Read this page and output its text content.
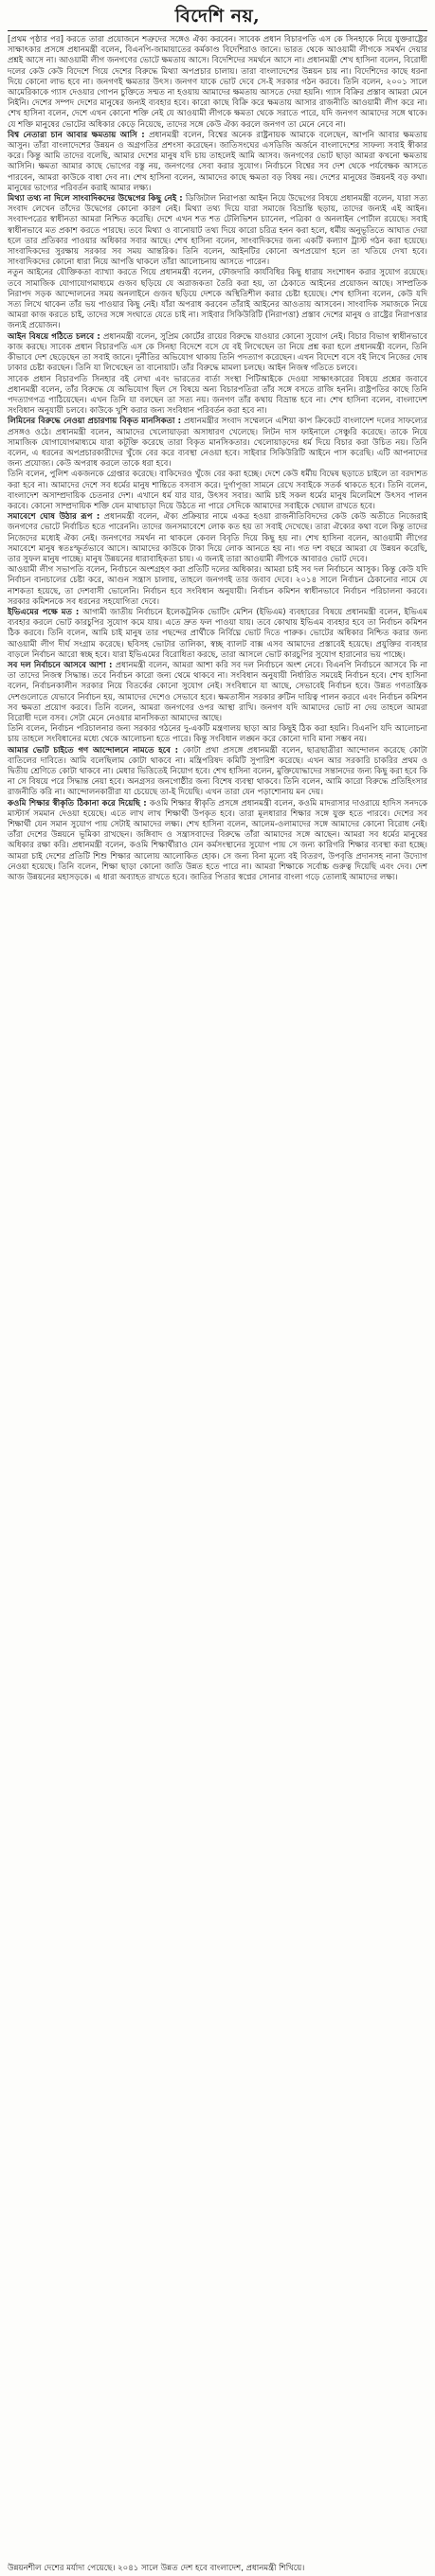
বিদেশি নয়,

[প্রথম পৃষ্ঠার পর] করতে তারা প্রয়োজনে শত্রুদের সঙ্গেও ঐক্য করবেন। সাবেক প্রধান বিচারপতি এস কে সিনহাকে নিয়ে যুক্তরাষ্ট্রের সাক্ষাৎকার প্রসঙ্গে প্রধানমন্ত্রী বলেন, বিএনপি-জামায়াতের কর্মকাণ্ড বিদেশিরাও জানে। ভারত থেকে আওয়ামী লীগকে সমর্থন দেয়ার প্রশ্নই আসে না। আওয়ামী লীগ জনগণের ভোটে ক্ষমতায় আসে। বিদেশিদের সমর্থনে আসে না। প্রধানমন্ত্রী শেখ হাসিনা বলেন, বিরোধী দলের কেউ কেউ বিদেশে গিয়ে দেশের বিরুদ্ধে মিথ্যা অপপ্রচার চালায়। তারা বাংলাদেশের উন্নয়ন চায় না। বিদেশিদের কাছে ধরনা দিয়ে কোনো লাভ হবে না। জনগণই ক্ষমতার উৎস। জনগণ যাকে ভোট দেবে সে-ই সরকার গঠন করবে। তিনি বলেন, ২০০১ সালে আমেরিকাকে গ্যাস দেওয়ার গোপন চুক্তিতে সম্মত না হওয়ায় আমাদের ক্ষমতায় আসতে দেয়া হয়নি। গ্যাস বিক্রির প্রস্তাব আমরা মেনে নিইনি। দেশের সম্পদ দেশের মানুষের জন্যই ব্যবহার হবে। কারো কাছে বিক্রি করে ক্ষমতায় আসার রাজনীতি আওয়ামী লীগ করে না। শেখ হাসিনা বলেন, দেশে এখন কোনো শক্তি নেই যে আওয়ামী লীগকে ক্ষমতা থেকে সরাতে পারে, যদি জনগণ আমাদের সঙ্গে থাকে। যে শক্তি মানুষের ভোটের অধিকার কেড়ে নিয়েছে, তাদের সঙ্গে কেউ ঐক্য করলে জনগণ তা মেনে নেবে না।

বিশ্ব নেতারা চান আবার ক্ষমতায় আসি : প্রধানমন্ত্রী বলেন, বিশ্বের অনেক রাষ্ট্রনায়ক আমাকে বলেছেন, আপনি আবার ক্ষমতায় আসুন। তাঁরা বাংলাদেশের উন্নয়ন ও অগ্রগতির প্রশংসা করেছেন। জাতিসংঘের এসডিজি অর্জনে বাংলাদেশের সাফল্য সবাই স্বীকার করে। কিন্তু আমি তাদের বলেছি, আমার দেশের মানুষ যদি চায় তাহলেই আমি আসব। জনগণের ভোট ছাড়া আমরা কখনো ক্ষমতায় আসিনি। ক্ষমতা আমার কাছে ভোগের বস্তু নয়, জনগণের সেবা করার সুযোগ। নির্বাচনে বিশ্বের সব দেশ থেকে পর্যবেক্ষক আসতে পারবেন, আমরা কাউকে বাধা দেব না। শেখ হাসিনা বলেন, আমাদের কাছে ক্ষমতা বড় বিষয় নয়। দেশের মানুষের উন্নয়নই বড় কথা। মানুষের ভাগ্যের পরিবর্তন করাই আমার লক্ষ্য।

মিথ্যা তথ্য না দিলে সাংবাদিকদের উদ্বেগের কিছু নেই : ডিজিটাল নিরাপত্তা আইন নিয়ে উদ্বেগের বিষয়ে প্রধানমন্ত্রী বলেন, যারা সত্য সংবাদ লেখেন তাঁদের উদ্বেগের কোনো কারণ নেই। মিথ্যা তথ্য দিয়ে যারা সমাজে বিভ্রান্তি ছড়ায়, তাদের জন্যই এই আইন। সংবাদপত্রের স্বাধীনতা আমরা নিশ্চিত করেছি। দেশে এখন শত শত টেলিভিশন চ্যানেল, পত্রিকা ও অনলাইন পোর্টাল রয়েছে। সবাই স্বাধীনভাবে মত প্রকাশ করতে পারছে। তবে মিথ্যা ও বানোয়াট তথ্য দিয়ে কারো চরিত্র হনন করা হলে, ধর্মীয় অনুভূতিতে আঘাত দেয়া হলে তার প্রতিকার পাওয়ার অধিকার সবার আছে। শেখ হাসিনা বলেন, সাংবাদিকদের জন্য একটি কল্যাণ ট্রাস্ট গঠন করা হয়েছে। সাংবাদিকদের সুরক্ষায় সরকার সব সময় আন্তরিক। তিনি বলেন, আইনটির কোনো অপপ্রয়োগ হলে তা খতিয়ে দেখা হবে। সাংবাদিকদের কোনো ধারা নিয়ে আপত্তি থাকলে তাঁরা আলোচনায় আসতে পারেন।

নতুন আইনের যৌক্তিকতা ব্যাখ্যা করতে গিয়ে প্রধানমন্ত্রী বলেন, ফৌজদারি কার্যবিধির কিছু ধারায় সংশোধন করার সুযোগ রয়েছে। তবে সামাজিক যোগাযোগমাধ্যমে গুজব ছড়িয়ে যে অরাজকতা তৈরি করা হয়, তা ঠেকাতে আইনের প্রয়োজন আছে। সাম্প্রতিক নিরাপদ সড়ক আন্দোলনের সময় অনলাইনে গুজব ছড়িয়ে দেশকে অস্থিতিশীল করার চেষ্টা হয়েছে। শেখ হাসিনা বলেন, কেউ যদি সত্য লিখে থাকেন তাঁর ভয় পাওয়ার কিছু নেই। যাঁরা অপরাধ করবেন তাঁরাই আইনের আওতায় আসবেন। সাংবাদিক সমাজকে নিয়ে আমরা কাজ করতে চাই, তাদের সঙ্গে সংঘাতে যেতে চাই না। সাইবার সিকিউরিটি (নিরাপত্তা) প্রস্তাব দেশের মানুষ ও রাষ্ট্রের নিরাপত্তার জন্যই প্রয়োজন।

আইন বিষয়ে গঠিতে চলবে : প্রধানমন্ত্রী বলেন, সুপ্রিম কোর্টের রায়ের বিরুদ্ধে যাওয়ার কোনো সুযোগ নেই। বিচার বিভাগ স্বাধীনভাবে কাজ করছে। সাবেক প্রধান বিচারপতি এস কে সিনহা বিদেশে বসে যে বই লিখেছেন তা নিয়ে প্রশ্ন করা হলে প্রধানমন্ত্রী বলেন, তিনি কীভাবে দেশ ছেড়েছেন তা সবাই জানে। দুর্নীতির অভিযোগ থাকায় তিনি পদত্যাগ করেছেন। এখন বিদেশে বসে বই লিখে নিজের দোষ ঢাকার চেষ্টা করছেন। তিনি যা লিখেছেন তা বানোয়াট। তাঁর বিরুদ্ধে মামলা চলছে। আইন নিজস্ব গতিতে চলবে।

সাবেক প্রধান বিচারপতি সিনহার বই লেখা এবং ভারতের বার্তা সংস্থা পিটিআইকে দেওয়া সাক্ষাৎকারের বিষয়ে প্রশ্নের জবাবে প্রধানমন্ত্রী বলেন, তাঁর বিরুদ্ধে যে অভিযোগ ছিল সে বিষয়ে অন্য বিচারপতিরা তাঁর সঙ্গে বসতে রাজি হননি। রাষ্ট্রপতির কাছে তিনি পদত্যাগপত্র পাঠিয়েছেন। এখন তিনি যা বলছেন তা সত্য নয়। জনগণ তাঁর কথায় বিভ্রান্ত হবে না। শেখ হাসিনা বলেন, বাংলাদেশ সংবিধান অনুযায়ী চলবে। কাউকে খুশি করার জন্য সংবিধান পরিবর্তন করা হবে না।

লিমিনের বিরুদ্ধে নেওয়া প্রচারণায় বিকৃত মানসিকতা : প্রধানমন্ত্রীর সংবাদ সম্মেলনে এশিয়া কাপ ক্রিকেটে বাংলাদেশ দলের সাফল্যের প্রসঙ্গও ওঠে। প্রধানমন্ত্রী বলেন, আমাদের খেলোয়াড়রা অসাধারণ খেলেছে। লিটন দাস ফাইনালে সেঞ্চুরি করেছে। তাকে নিয়ে সামাজিক যোগাযোগমাধ্যমে যারা কটূক্তি করেছে তারা বিকৃত মানসিকতার। খেলোয়াড়দের ধর্ম দিয়ে বিচার করা উচিত নয়। তিনি বলেন, এ ধরনের অপপ্রচারকারীদের খুঁজে বের করে ব্যবস্থা নেওয়া হবে। সাইবার সিকিউরিটি আইনে পাস করেছি। এটি আপনাদের জন্য প্রযোজ্য। কেউ অপরাধ করলে তাকে ধরা হবে।

তিনি বলেন, পুলিশ একজনকে গ্রেপ্তার করেছে। বাকিদেরও খুঁজে বের করা হচ্ছে। দেশে কেউ ধর্মীয় বিদ্বেষ ছড়াতে চাইলে তা বরদাশত করা হবে না। আমাদের দেশে সব ধর্মের মানুষ শান্তিতে বসবাস করে। দুর্গাপূজা সামনে রেখে সবাইকে সতর্ক থাকতে হবে। তিনি বলেন, বাংলাদেশ অসাম্প্রদায়িক চেতনার দেশ। এখানে ধর্ম যার যার, উৎসব সবার। আমি চাই সকল ধর্মের মানুষ মিলেমিশে উৎসব পালন করবে। কোনো সাম্প্রদায়িক শক্তি যেন মাথাচাড়া দিয়ে উঠতে না পারে সেদিকে আমাদের সবাইকে খেয়াল রাখতে হবে।

সমাবেশে ঘোষ উঠার রূপ : প্রধানমন্ত্রী বলেন, ঐক্য প্রক্রিয়ার নামে একত্র হওয়া রাজনীতিবিদদের কেউ কেউ অতীতে নিজেরাই জনগণের ভোটে নির্বাচিত হতে পারেননি। তাদের জনসমাবেশে লোক কত হয় তা সবাই দেখেছে। তারা ঐক্যের কথা বলে কিন্তু তাদের নিজেদের মধ্যেই ঐক্য নেই। জনগণের সমর্থন না থাকলে কেবল বিবৃতি দিয়ে কিছু হয় না। শেখ হাসিনা বলেন, আওয়ামী লীগের সমাবেশে মানুষ স্বতঃস্ফূর্তভাবে আসে। আমাদের কাউকে টাকা দিয়ে লোক আনতে হয় না। গত দশ বছরে আমরা যে উন্নয়ন করেছি, তার সুফল মানুষ পাচ্ছে। মানুষ উন্নয়নের ধারাবাহিকতা চায়। এ জন্যই তারা আওয়ামী লীগকে আবারও ভোট দেবে।

আওয়ামী লীগ সভাপতি বলেন, নির্বাচনে অংশগ্রহণ করা প্রতিটি দলের অধিকার। আমরা চাই সব দল নির্বাচনে আসুক। কিন্তু কেউ যদি নির্বাচন বানচালের চেষ্টা করে, আগুন সন্ত্রাস চালায়, তাহলে জনগণই তার জবাব দেবে। ২০১৪ সালে নির্বাচন ঠেকানোর নামে যে নাশকতা হয়েছে, তা দেশবাসী ভোলেনি। নির্বাচন হবে সংবিধান অনুযায়ী। নির্বাচন কমিশন স্বাধীনভাবে নির্বাচন পরিচালনা করবে। সরকার কমিশনকে সব ধরনের সহযোগিতা দেবে।

ইভিএমের পক্ষে মত : আগামী জাতীয় নির্বাচনে ইলেকট্রনিক ভোটিং মেশিন (ইভিএম) ব্যবহারের বিষয়ে প্রধানমন্ত্রী বলেন, ইভিএম ব্যবহার করলে ভোট কারচুপির সুযোগ কমে যায়। এতে দ্রুত ফল পাওয়া যায়। তবে কোথায় ইভিএম ব্যবহার হবে তা নির্বাচন কমিশন ঠিক করবে। তিনি বলেন, আমি চাই মানুষ তার পছন্দের প্রার্থীকে নির্বিঘ্নে ভোট দিতে পারুক। ভোটের অধিকার নিশ্চিত করার জন্য আওয়ামী লীগ দীর্ঘ সংগ্রাম করেছে। ছবিসহ ভোটার তালিকা, স্বচ্ছ ব্যালট বাক্স এসব আমাদের প্রস্তাবেই হয়েছে। প্রযুক্তির ব্যবহার বাড়লে নির্বাচন আরো স্বচ্ছ হবে। যারা ইভিএমের বিরোধিতা করছে, তারা আসলে ভোট কারচুপির সুযোগ হারানোর ভয় পাচ্ছে।

সব দল নির্বাচনে আসবে আশা : প্রধানমন্ত্রী বলেন, আমরা আশা করি সব দল নির্বাচনে অংশ নেবে। বিএনপি নির্বাচনে আসবে কি না তা তাদের নিজস্ব সিদ্ধান্ত। তবে নির্বাচন কারো জন্য থেমে থাকবে না। সংবিধান অনুযায়ী নির্ধারিত সময়েই নির্বাচন হবে। শেখ হাসিনা বলেন, নির্বাচনকালীন সরকার নিয়ে বিতর্কের কোনো সুযোগ নেই। সংবিধানে যা আছে, সেভাবেই নির্বাচন হবে। উন্নত গণতান্ত্রিক দেশগুলোতে যেভাবে নির্বাচন হয়, আমাদের দেশেও সেভাবে হবে। ক্ষমতাসীন সরকার রুটিন দায়িত্ব পালন করবে এবং নির্বাচন কমিশন সব ক্ষমতা প্রয়োগ করবে। তিনি বলেন, আমরা জনগণের ওপর আস্থা রাখি। জনগণ যদি আমাদের ভোট না দেয় তাহলে আমরা বিরোধী দলে বসব। সেটা মেনে নেওয়ার মানসিকতা আমাদের আছে।

তিনি বলেন, নির্বাচন পরিচালনার জন্য সরকার গঠনের দু-একটি মন্ত্রণালয় ছাড়া আর কিছুই ঠিক করা হয়নি। বিএনপি যদি আলোচনা চায় তাহলে সংবিধানের মধ্যে থেকে আলোচনা হতে পারে। কিন্তু সংবিধান লঙ্ঘন করে কোনো দাবি মানা সম্ভব নয়।

আমার ভোট চাইতে গণ আন্দোলনে নামতে হবে : কোটা প্রথা প্রসঙ্গে প্রধানমন্ত্রী বলেন, ছাত্রছাত্রীরা আন্দোলন করেছে কোটা বাতিলের দাবিতে। আমি বলেছিলাম কোটা থাকবে না। মন্ত্রিপরিষদ কমিটি সুপারিশ করেছে। এখন আর সরকারি চাকরির প্রথম ও দ্বিতীয় শ্রেণিতে কোটা থাকবে না। মেধার ভিত্তিতেই নিয়োগ হবে। শেখ হাসিনা বলেন, মুক্তিযোদ্ধাদের সন্তানদের জন্য কিছু করা হবে কি না সে বিষয়ে পরে সিদ্ধান্ত নেয়া হবে। অনগ্রসর জনগোষ্ঠীর জন্য বিশেষ ব্যবস্থা থাকবে। তিনি বলেন, আমি কারো বিরুদ্ধে প্রতিহিংসার রাজনীতি করি না। আন্দোলনকারীরা যা চেয়েছে তা-ই দিয়েছি। এখন তারা যেন পড়াশোনায় মন দেয়।

কওমি শিক্ষার স্বীকৃতি ঠিকানা করে দিয়েছি : কওমি শিক্ষার স্বীকৃতি প্রসঙ্গে প্রধানমন্ত্রী বলেন, কওমি মাদরাসার দাওরায়ে হাদিস সনদকে মাস্টার্স সমমান দেওয়া হয়েছে। এতে লাখ লাখ শিক্ষার্থী উপকৃত হবে। তারা মূলধারার শিক্ষার সঙ্গে যুক্ত হতে পারবে। দেশের সব শিক্ষার্থী যেন সমান সুযোগ পায় সেটাই আমাদের লক্ষ্য। শেখ হাসিনা বলেন, আলেম-ওলামাদের সঙ্গে আমাদের কোনো বিরোধ নেই। তাঁরা দেশের উন্নয়নে ভূমিকা রাখছেন। জঙ্গিবাদ ও সন্ত্রাসবাদের বিরুদ্ধে তাঁরা আমাদের সঙ্গে আছেন। আমরা সব ধর্মের মানুষের অধিকার রক্ষা করি। প্রধানমন্ত্রী বলেন, কওমি শিক্ষার্থীরাও যেন কর্মসংস্থানের সুযোগ পায় সে জন্য কারিগরি শিক্ষার ব্যবস্থা করা হচ্ছে। আমরা চাই দেশের প্রতিটি শিশু শিক্ষার আলোয় আলোকিত হোক। সে জন্য বিনা মূল্যে বই বিতরণ, উপবৃত্তি প্রদানসহ নানা উদ্যোগ নেওয়া হয়েছে। তিনি বলেন, শিক্ষা ছাড়া কোনো জাতি উন্নত হতে পারে না। আমরা শিক্ষাকে সর্বোচ্চ গুরুত্ব দিয়েছি এবং দেব। দেশ আজ উন্নয়নের মহাসড়কে। এ ধারা অব্যাহত রাখতে হবে। জাতির পিতার স্বপ্নের সোনার বাংলা গড়ে তোলাই আমাদের লক্ষ্য।

উন্নয়নশীল দেশের মর্যাদা পেয়েছে। ২০৪১ সালে উন্নত দেশ হবে বাংলাদেশ, প্রধানমন্ত্রী শিখিয়ে।
